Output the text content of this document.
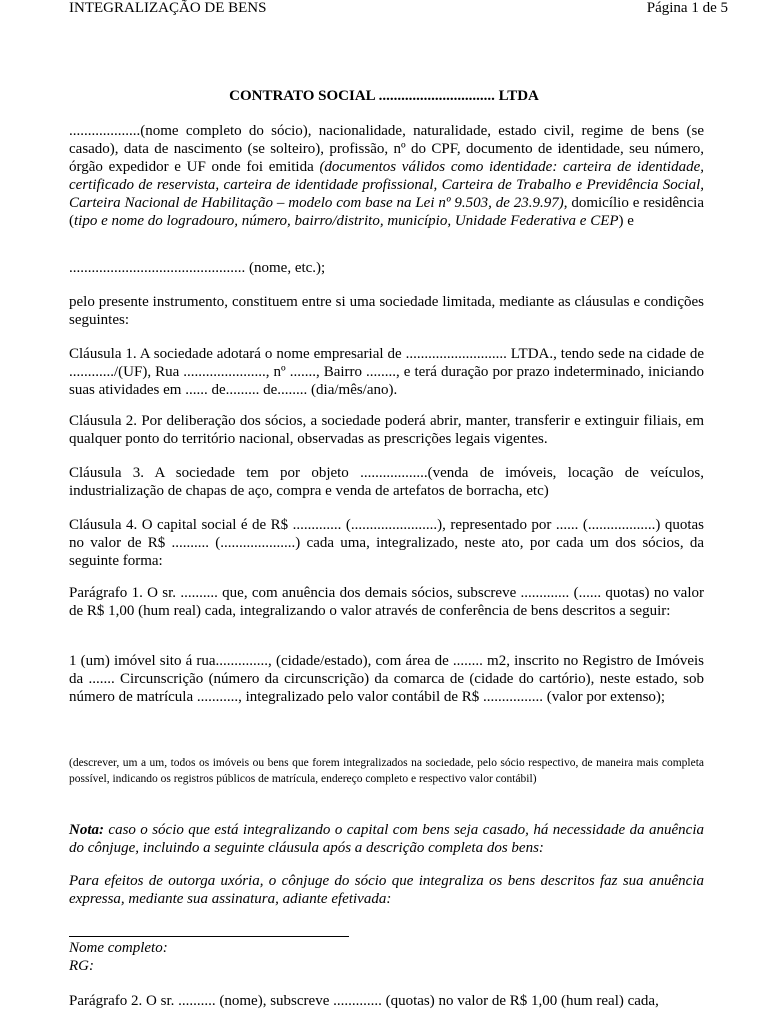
INTEGRALIZAÇÃO DE BENS	Página 1 de 5
CONTRATO SOCIAL ............................... LTDA
...................(nome completo do sócio), nacionalidade, naturalidade, estado civil, regime de bens (se casado), data de nascimento (se solteiro), profissão, nº do CPF, documento de identidade, seu número, órgão expedidor e UF onde foi emitida (documentos válidos como identidade: carteira de identidade, certificado de reservista, carteira de identidade profissional, Carteira de Trabalho e Previdência Social, Carteira Nacional de Habilitação – modelo com base na Lei nº 9.503, de 23.9.97), domicílio e residência (tipo e nome do logradouro, número, bairro/distrito, município, Unidade Federativa e CEP) e
............................................... (nome, etc.);
pelo presente instrumento, constituem entre si uma sociedade limitada, mediante as cláusulas e condições seguintes:
Cláusula 1. A sociedade adotará o nome empresarial de ........................... LTDA., tendo sede na cidade de ............/(UF), Rua ......................, nº ......., Bairro ........, e terá duração por prazo indeterminado, iniciando suas atividades em ...... de......... de........ (dia/mês/ano).
Cláusula 2. Por deliberação dos sócios, a sociedade poderá abrir, manter, transferir e extinguir filiais, em qualquer ponto do território nacional, observadas as prescrições legais vigentes.
Cláusula 3. A sociedade tem por objeto ..................(venda de imóveis, locação de veículos, industrialização de chapas de aço, compra e venda de artefatos de borracha, etc)
Cláusula 4. O capital social é de R$ ............. (.......................), representado por ...... (..................) quotas no valor de R$ .......... (....................) cada uma, integralizado, neste ato, por cada um dos sócios, da seguinte forma:
Parágrafo 1. O sr. .......... que, com anuência dos demais sócios, subscreve ............. (...... quotas) no valor de R$ 1,00 (hum real) cada, integralizando o valor através de conferência de bens descritos a seguir:
1 (um) imóvel sito á rua.............., (cidade/estado), com área de ........ m2, inscrito no Registro de Imóveis da ....... Circunscrição (número da circunscrição) da comarca de (cidade do cartório), neste estado, sob número de matrícula ..........., integralizado pelo valor contábil de R$ ................ (valor por extenso);
(descrever, um a um, todos os imóveis ou bens que forem integralizados na sociedade, pelo sócio respectivo, de maneira mais completa possível, indicando os registros públicos de matrícula, endereço completo e respectivo valor contábil)
Nota: caso o sócio que está integralizando o capital com bens seja casado, há necessidade da anuência do cônjuge, incluindo a seguinte cláusula após a descrição completa dos bens:
Para efeitos de outorga uxória, o cônjuge do sócio que integraliza os bens descritos faz sua anuência expressa, mediante sua assinatura, adiante efetivada:
Nome completo:
RG:
Parágrafo 2. O sr. .......... (nome), subscreve ............. (quotas) no valor de R$ 1,00 (hum real) cada,
